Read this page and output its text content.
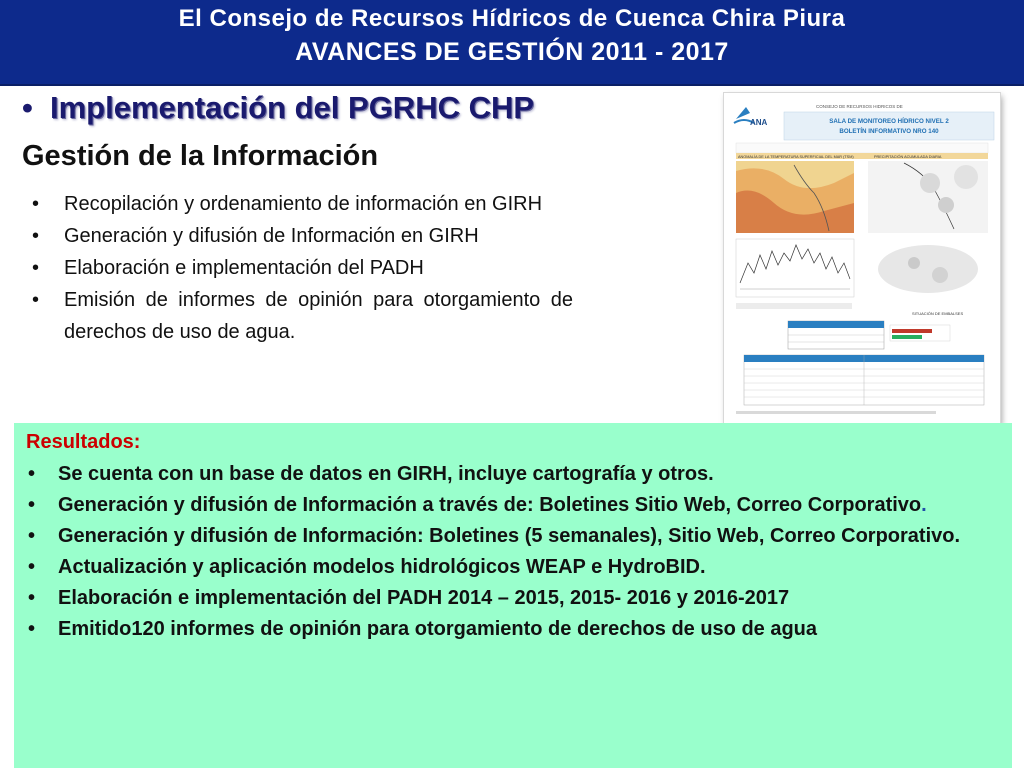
El Consejo de Recursos Hídricos de Cuenca Chira Piura
AVANCES DE GESTIÓN 2011 - 2017
• Implementación del PGRHC CHP
Gestión de la Información
• Recopilación y ordenamiento de información en GIRH
• Generación y difusión de Información en GIRH
• Elaboración e implementación del PADH
• Emisión de informes de opinión para otorgamiento de derechos de uso de agua.
ANA
CONSEJO DE RECURSOS HIDRICOS DE
SALA DE MONITOREO HÍDRICO NIVEL 2
BOLETÍN INFORMATIVO NRO 140
ANOMALÍA DE LA TEMPERATURA SUPERFICIAL DEL MAR (TSM)	PRECIPITACIÓN ACUMULADA DIARIA
SITUACIÓN DE EMBALSES
Resultados:
• Se cuenta con un base de datos en GIRH, incluye cartografía y otros.
• Generación y difusión de Información a través de: Boletines Sitio Web, Correo Corporativo.
• Generación y difusión de Información: Boletines (5 semanales), Sitio Web, Correo Corporativo.
• Actualización y aplicación modelos hidrológicos WEAP e HydroBID.
• Elaboración e implementación del PADH 2014 – 2015, 2015- 2016 y 2016-2017
• Emitido120 informes de opinión para otorgamiento de derechos de uso de agua
